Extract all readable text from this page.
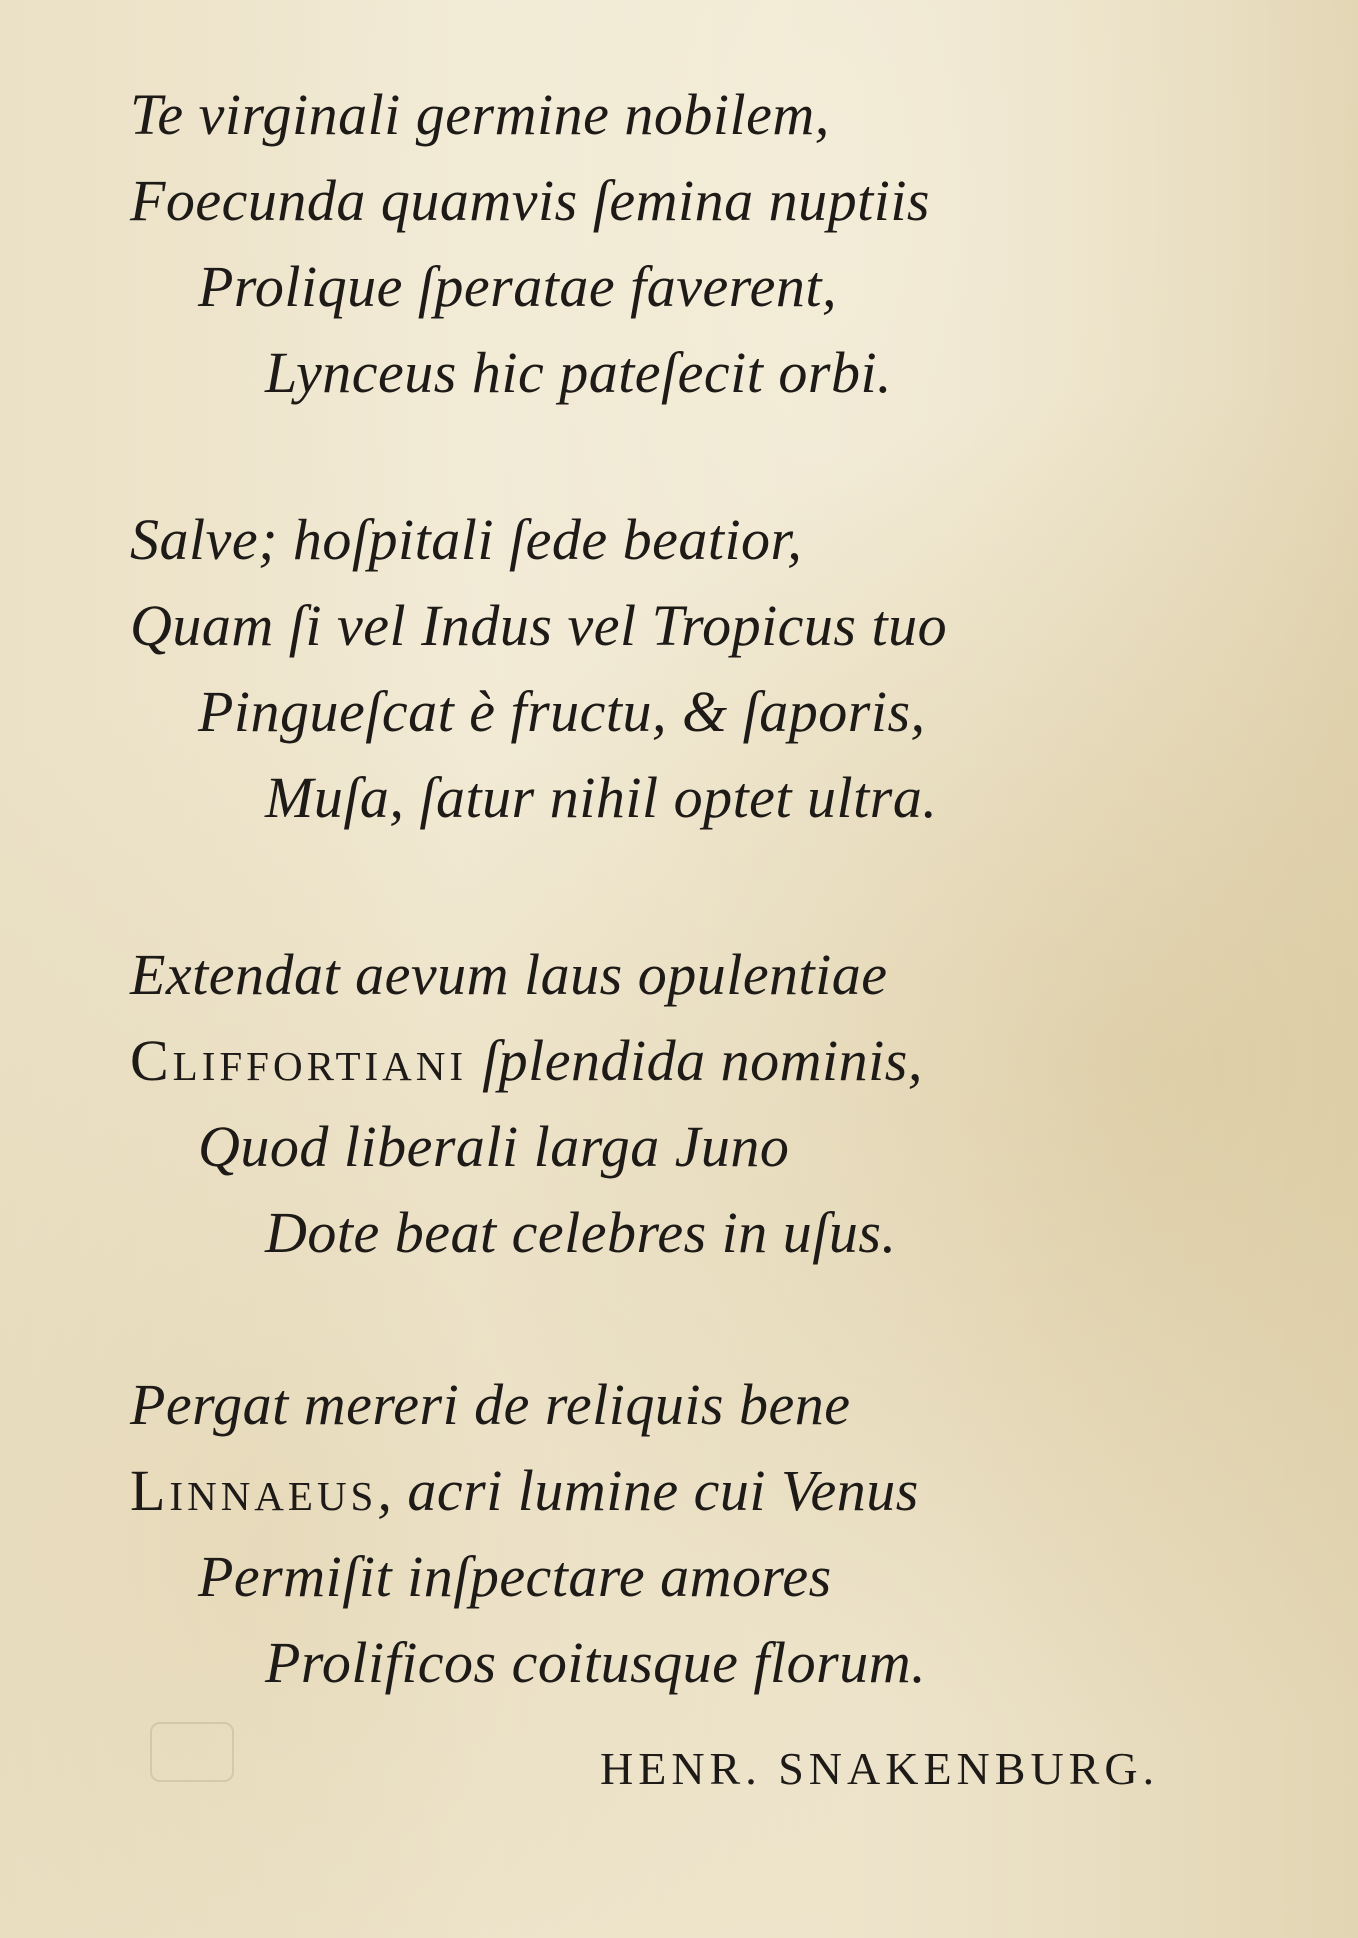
Te virginali germine nobilem,
Foecunda quamvis ſemina nuptiis
Prolique ſperatae faverent,
Lynceus hic pateſecit orbi.
Salve; hoſpitali ſede beatior,
Quam ſi vel Indus vel Tropicus tuo
Pingueſcat è fructu, & ſaporis,
Muſa, ſatur nihil optet ultra.
Extendat aevum laus opulentiae
Cliffortiani ſplendida nominis,
Quod liberali larga Juno
Dote beat celebres in uſus.
Pergat mereri de reliquis bene
Linnaeus, acri lumine cui Venus
Permiſit inſpectare amores
Prolificos coitusque florum.
HENR. SNAKENBURG.
